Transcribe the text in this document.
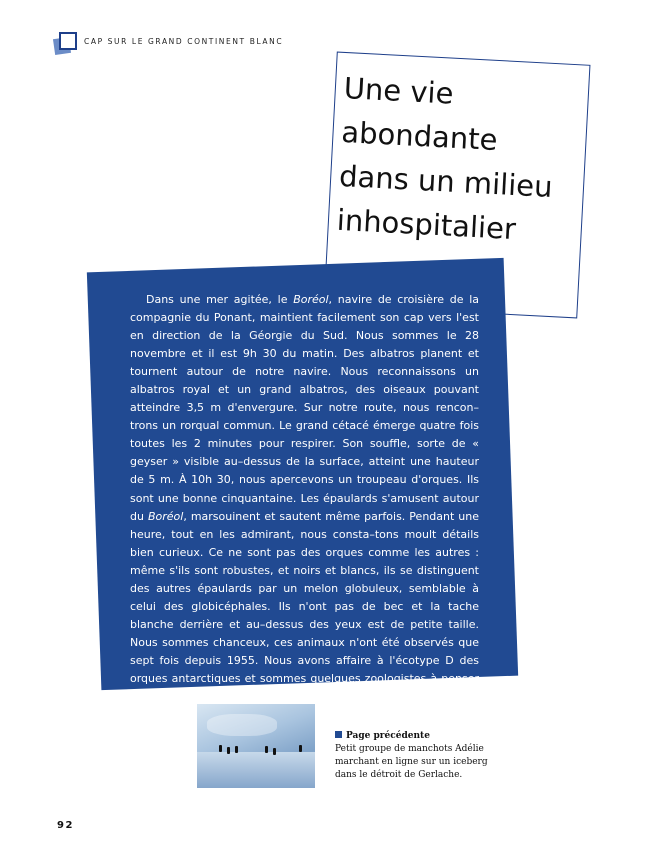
CAP SUR LE GRAND CONTINENT BLANC
Une vie
abondante
dans un milieu
inhospitalier

Dans une mer agitée, le Boréol, navire de croisière de la compagnie du Ponant, maintient facilement son cap vers l'est en direction de la Géorgie du Sud. Nous sommes le 28 novembre et il est 9h 30 du matin. Des albatros planent et tournent autour de notre navire. Nous reconnaissons un albatros royal et un grand albatros, des oiseaux pouvant atteindre 3,5 m d'envergure. Sur notre route, nous rencon–trons un rorqual commun. Le grand cétacé émerge quatre fois toutes les 2 minutes pour respirer. Son souffle, sorte de « geyser » visible au–dessus de la surface, atteint une hauteur de 5 m. À 10h 30, nous apercevons un troupeau d'orques. Ils sont une bonne cinquantaine. Les épaulards s'amusent autour du Boréol, marsouinent et sautent même parfois. Pendant une heure, tout en les admirant, nous consta–tons moult détails bien curieux. Ce ne sont pas des orques comme les autres : même s'ils sont robustes, et noirs et blancs, ils se distinguent des autres épaulards par un melon globuleux, semblable à celui des globicéphales. Ils n'ont pas de bec et la tache blanche derrière et au–dessus des yeux est de petite taille. Nous sommes chanceux, ces animaux n'ont été observés que sept fois depuis 1955. Nous avons affaire à l'écotype D des orques antarctiques et sommes quelques zoologistes à penser qu'il s'agit d'une nouvelle espèce d'épaulard… affaire à suivre.

Page précédente
Petit groupe de manchots Adélie marchant en ligne sur un iceberg dans le détroit de Gerlache.
92
